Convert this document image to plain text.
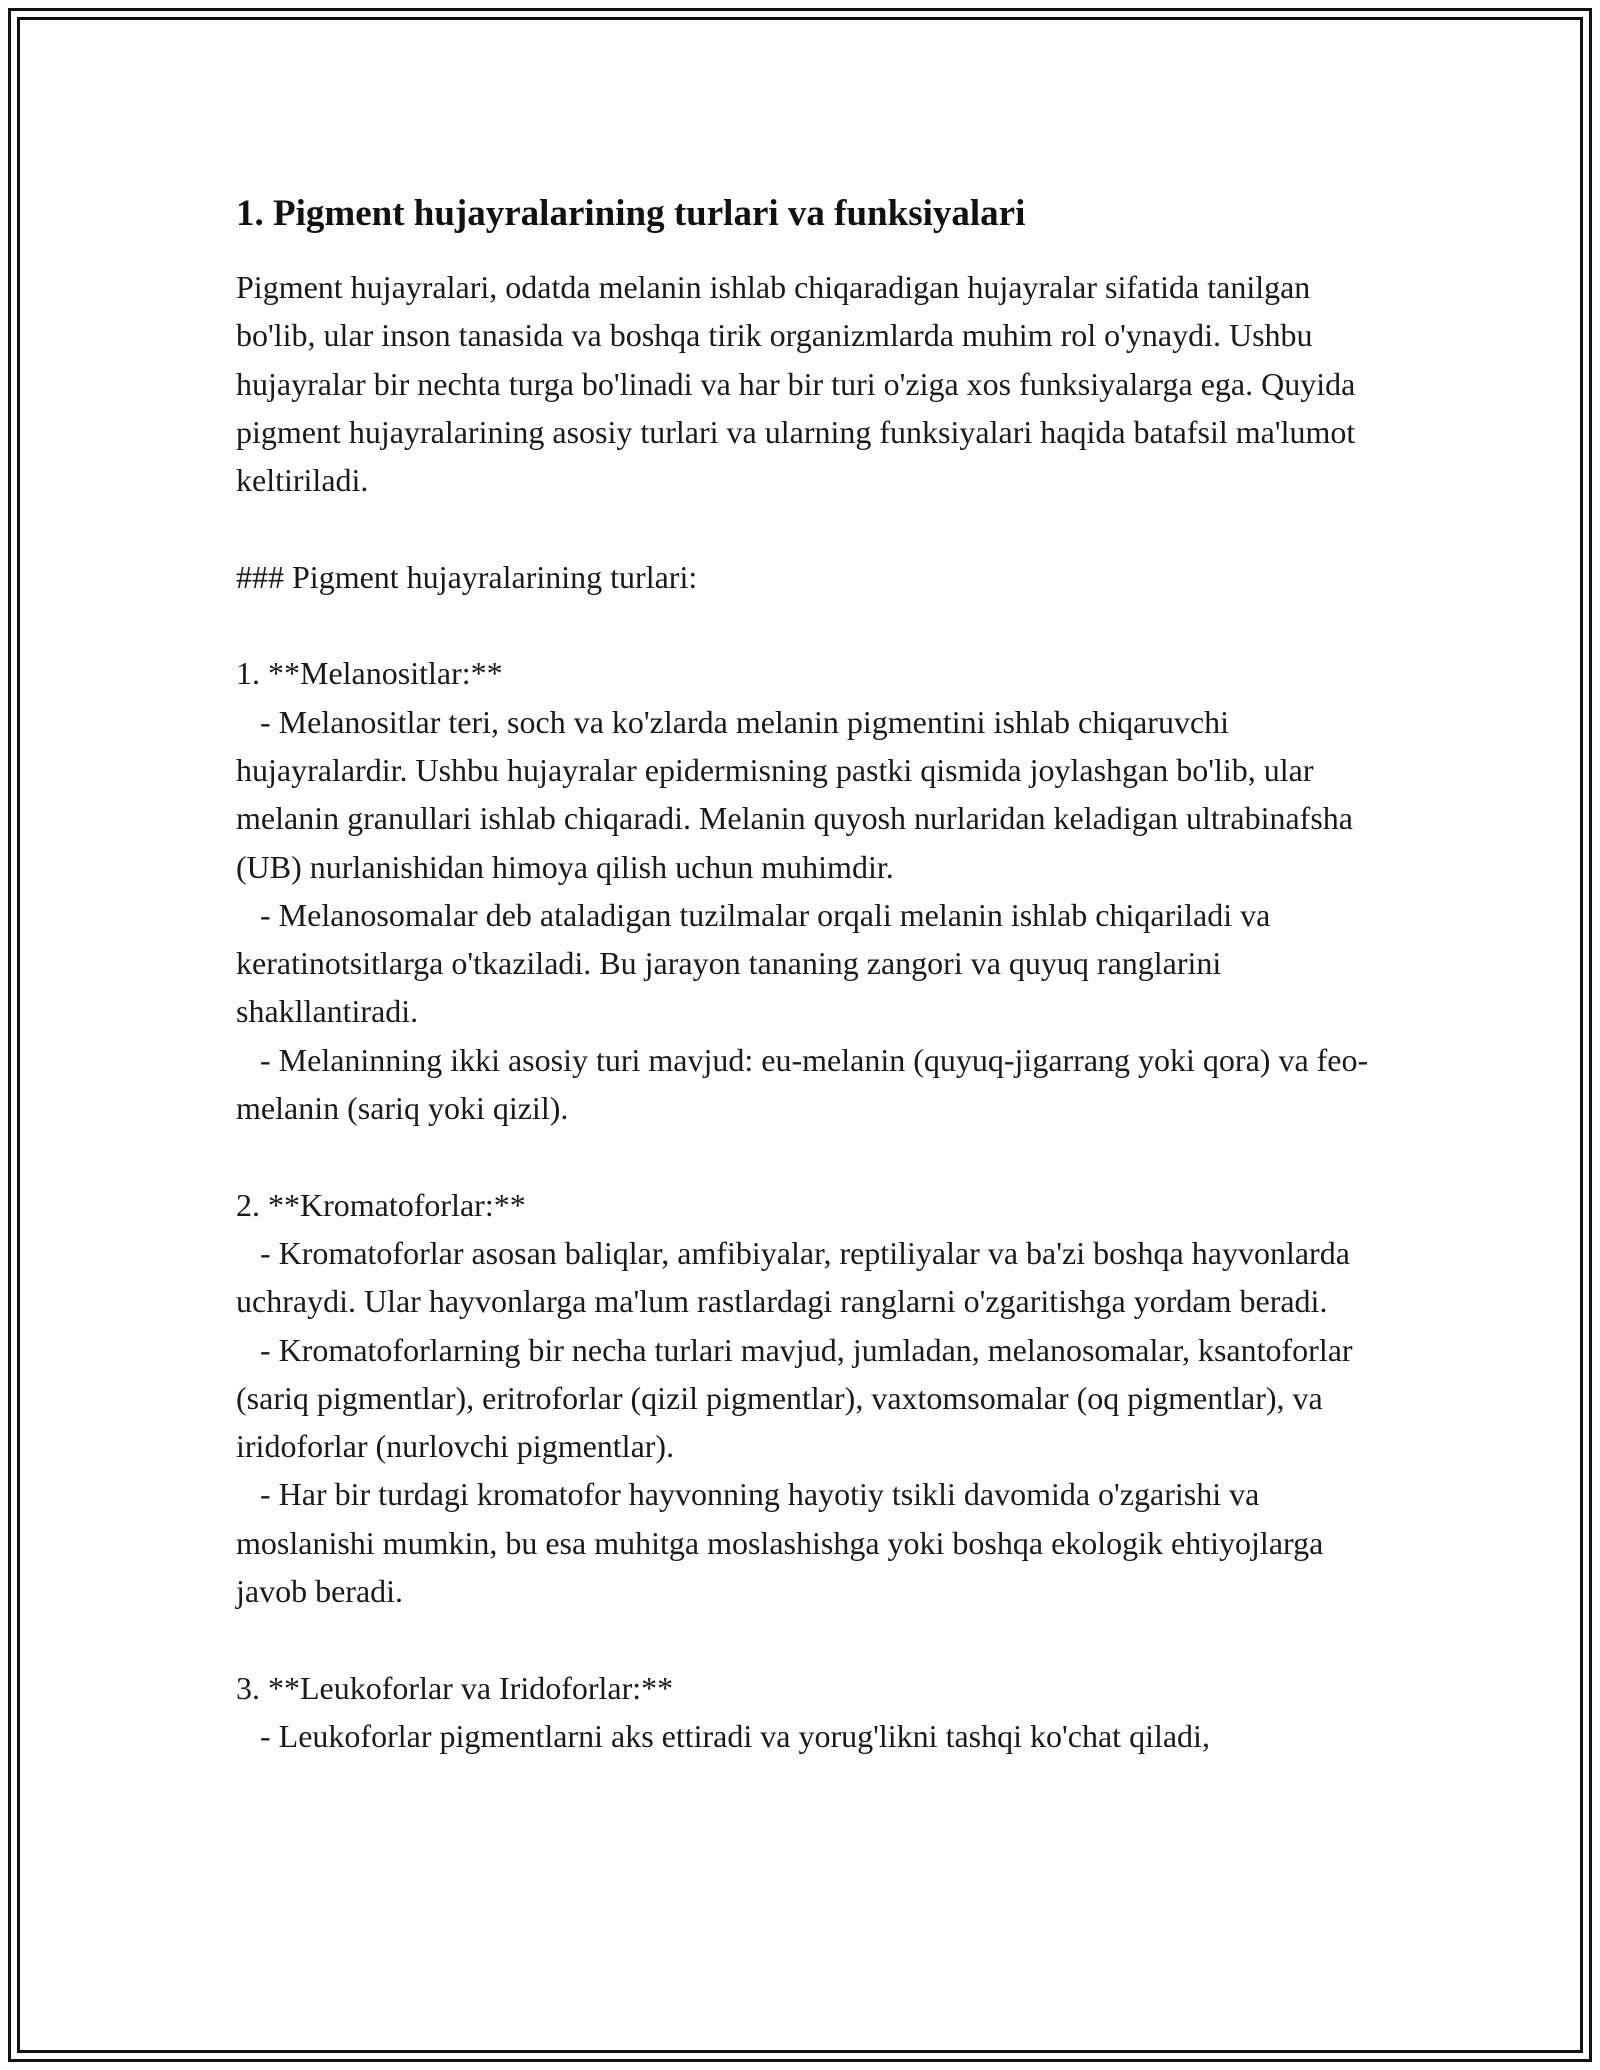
1. Pigment hujayralarining turlari va funksiyalari

Pigment hujayralari, odatda melanin ishlab chiqaradigan hujayralar sifatida tanilgan bo'lib, ular inson tanasida va boshqa tirik organizmlarda muhim rol o'ynaydi. Ushbu hujayralar bir nechta turga bo'linadi va har bir turi o'ziga xos funksiyalarga ega. Quyida pigment hujayralarining asosiy turlari va ularning funksiyalari haqida batafsil ma'lumot keltiriladi.

### Pigment hujayralarining turlari:

1. **Melanositlar:**
- Melanositlar teri, soch va ko'zlarda melanin pigmentini ishlab chiqaruvchi hujayralardir. Ushbu hujayralar epidermisning pastki qismida joylashgan bo'lib, ular melanin granullari ishlab chiqaradi. Melanin quyosh nurlaridan keladigan ultrabinafsha (UB) nurlanishidan himoya qilish uchun muhimdir.
- Melanosomalar deb ataladigan tuzilmalar orqali melanin ishlab chiqariladi va keratinotsitlarga o'tkaziladi. Bu jarayon tananing zangori va quyuq ranglarini shakllantiradi.
- Melaninning ikki asosiy turi mavjud: eu-melanin (quyuq-jigarrang yoki qora) va feo-melanin (sariq yoki qizil).

2. **Kromatoforlar:**
- Kromatoforlar asosan baliqlar, amfibiyalar, reptiliyalar va ba'zi boshqa hayvonlarda uchraydi. Ular hayvonlarga ma'lum rastlardagi ranglarni o'zgaritishga yordam beradi.
- Kromatoforlarning bir necha turlari mavjud, jumladan, melanosomalar, ksantoforlar (sariq pigmentlar), eritroforlar (qizil pigmentlar), vaxtomsomalar (oq pigmentlar), va iridoforlar (nurlovchi pigmentlar).
- Har bir turdagi kromatofor hayvonning hayotiy tsikli davomida o'zgarishi va moslanishi mumkin, bu esa muhitga moslashishga yoki boshqa ekologik ehtiyojlarga javob beradi.

3. **Leukoforlar va Iridoforlar:**
- Leukoforlar pigmentlarni aks ettiradi va yorug'likni tashqi ko'chat qiladi,
